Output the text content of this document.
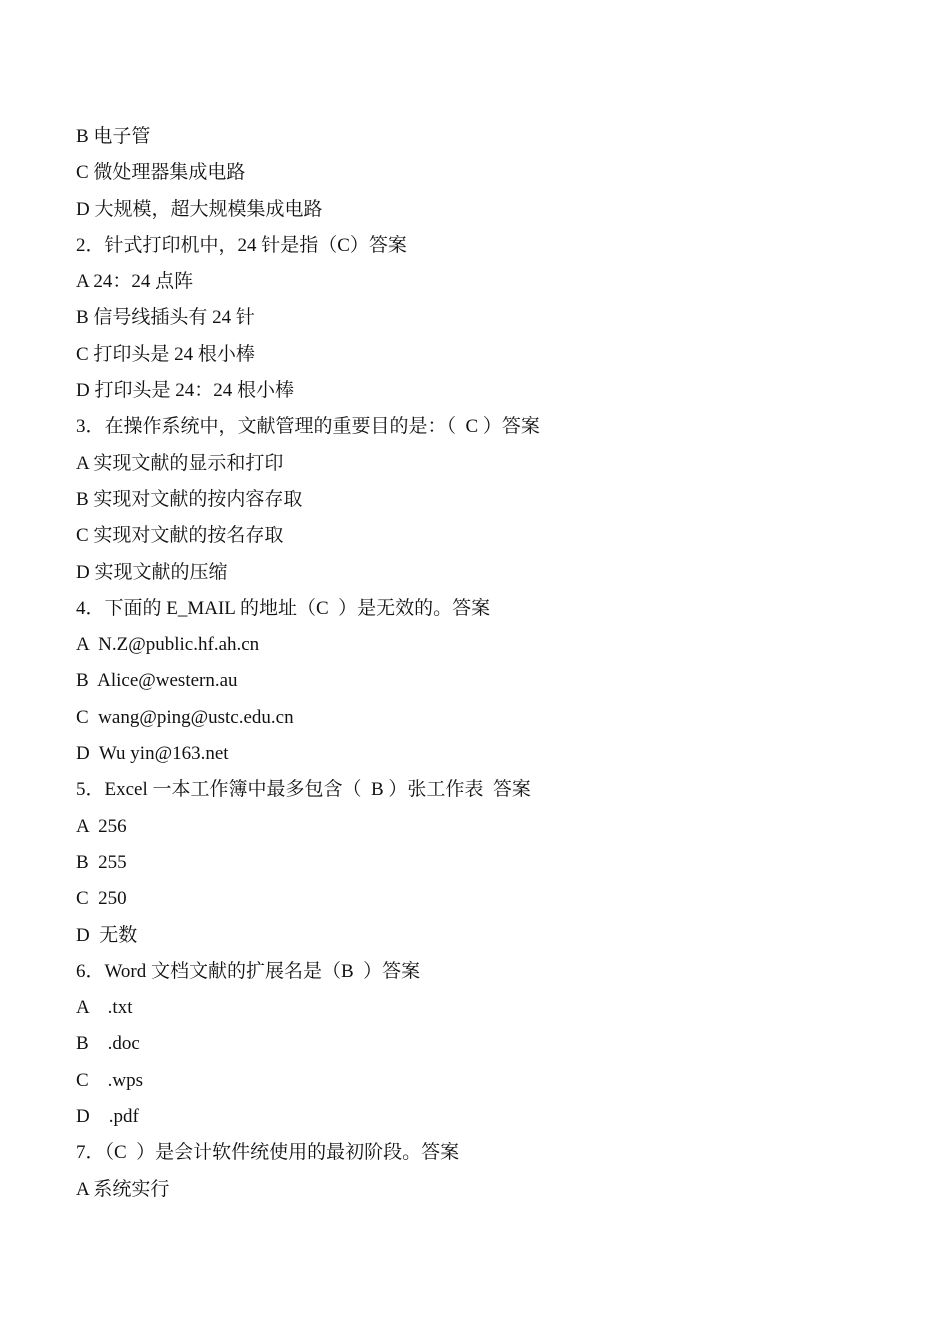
B 电子管
C 微处理器集成电路
D 大规模，超大规模集成电路
2．针式打印机中，24 针是指（C）答案
A 24：24 点阵
B 信号线插头有 24 针
C 打印头是 24 根小棒
D 打印头是 24：24 根小棒
3．在操作系统中，文献管理的重要目的是：（  C ）答案
A 实现文献的显示和打印
B 实现对文献的按内容存取
C 实现对文献的按名存取
D 实现文献的压缩
4．下面的 E_MAIL 的地址（C  ）是无效的。答案
A  N.Z@public.hf.ah.cn
B  Alice@western.au
C  wang@ping@ustc.edu.cn
D  Wu yin@163.net
5．Excel 一本工作簿中最多包含（  B ）张工作表  答案
A  256
B  255
C  250
D  无数
6．Word 文档文献的扩展名是（B  ）答案
A    .txt
B    .doc
C    .wps
D    .pdf
7．（C  ）是会计软件统使用的最初阶段。答案
A 系统实行
